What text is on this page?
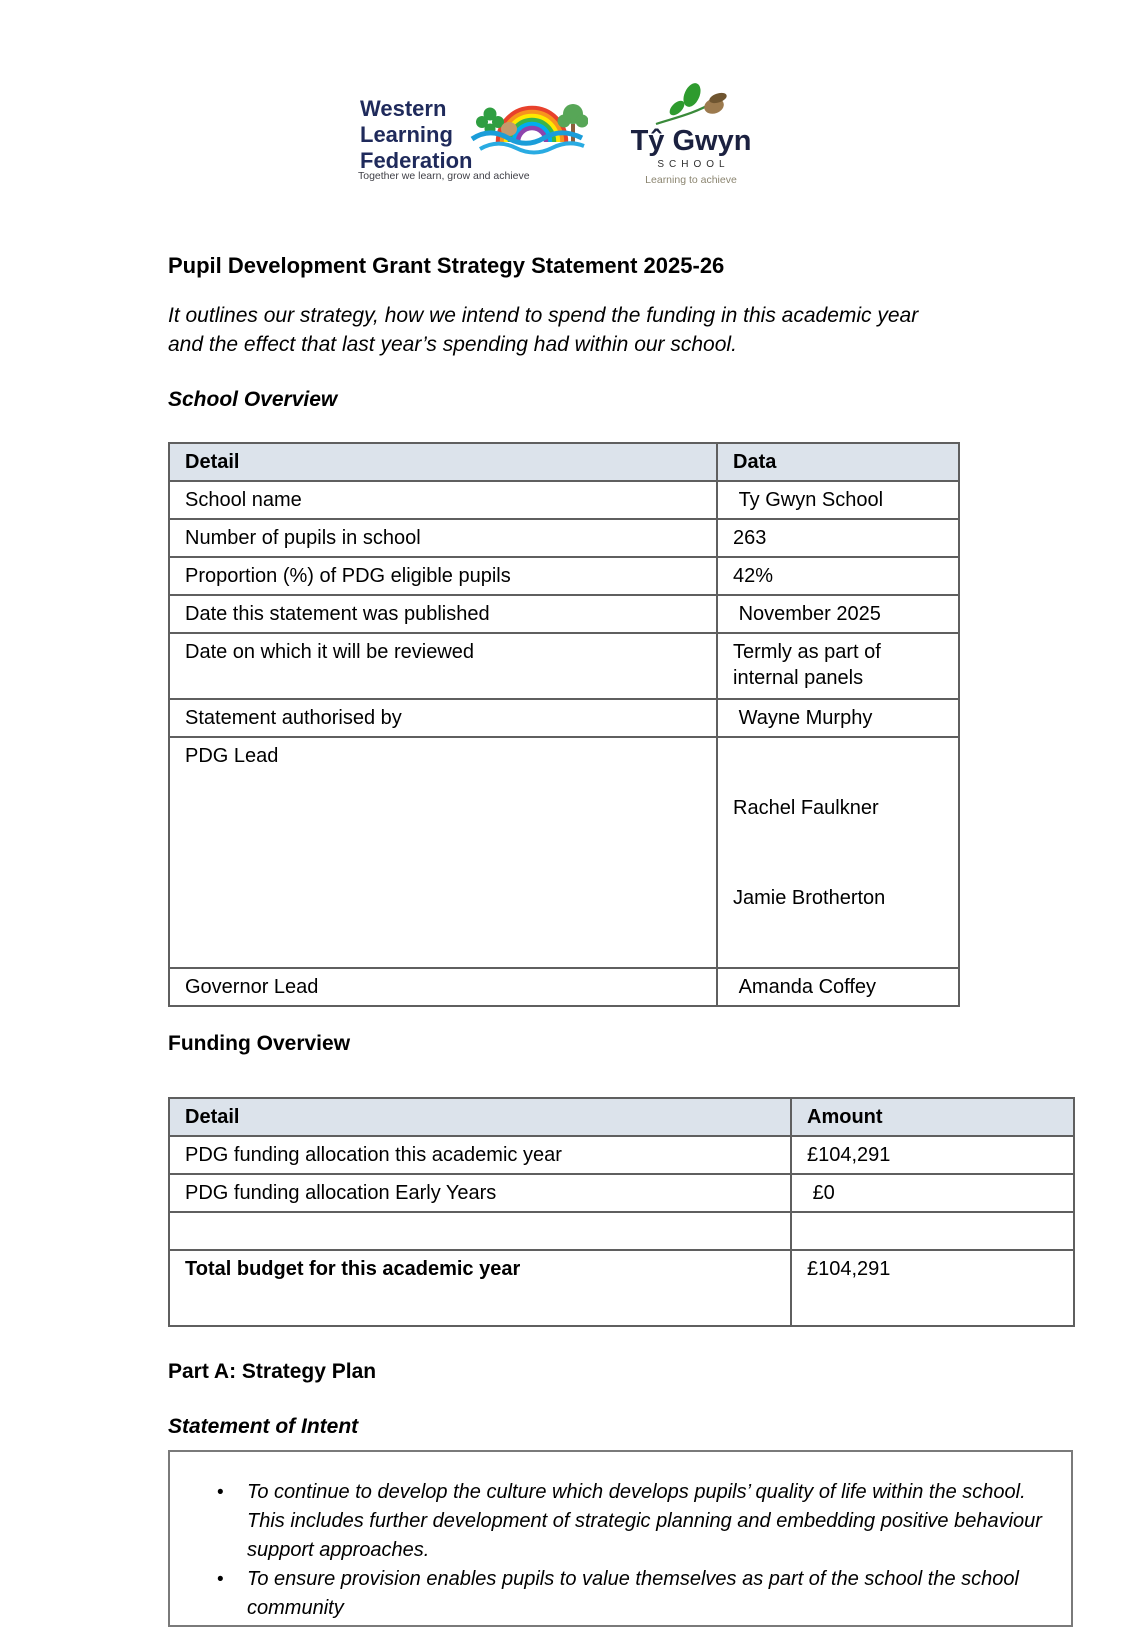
Western
Learning
Federation
Together we learn, grow and achieve
Tŷ Gwyn
SCHOOL
Learning to achieve
Pupil Development Grant Strategy Statement 2025-26

It outlines our strategy, how we intend to spend the funding in this academic year and the effect that last year’s spending had within our school.

School Overview
Detail	Data
School name	Ty Gwyn School
Number of pupils in school	263
Proportion (%) of PDG eligible pupils	42%
Date this statement was published	November 2025
Date on which it will be reviewed	Termly as part of internal panels
Statement authorised by	Wayne Murphy
PDG Lead	Rachel Faulkner

Jamie Brotherton

Governor Lead	Amanda Coffey
Funding Overview
Detail	Amount
PDG funding allocation this academic year	£104,291
PDG funding allocation Early Years	£0

Total budget for this academic year	£104,291
Part A: Strategy Plan
Statement of Intent
• To continue to develop the culture which develops pupils’ quality of life within the school. This includes further development of strategic planning and embedding positive behaviour support approaches.
• To ensure provision enables pupils to value themselves as part of the school the school community
